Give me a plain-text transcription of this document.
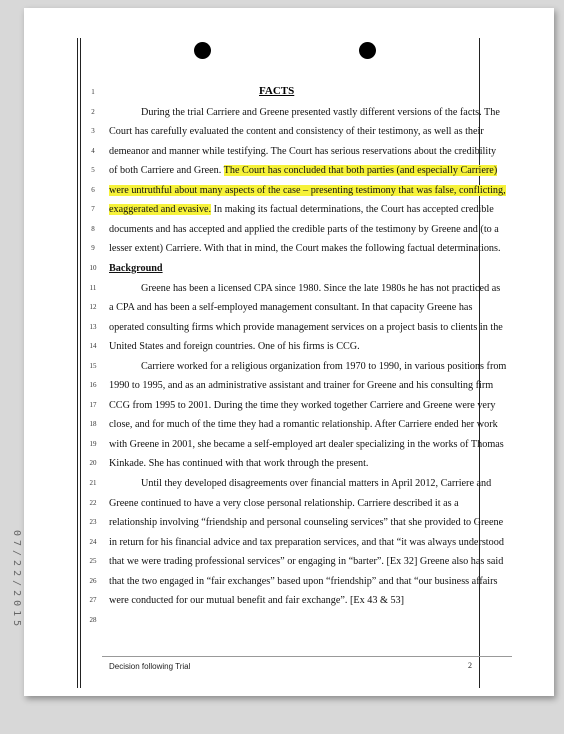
FACTS
1
2	During the trial Carriere and Greene presented vastly different versions of the facts. The
3	Court has carefully evaluated the content and consistency of their testimony, as well as their
4	demeanor and manner while testifying. The Court has serious reservations about the credibility
5	of both Carriere and Green. The Court has concluded that both parties (and especially Carriere)
6	were untruthful about many aspects of the case – presenting testimony that was false, conflicting,
7	exaggerated and evasive. In making its factual determinations, the Court has accepted credible
8	documents and has accepted and applied the credible parts of the testimony by Greene and (to a
9	lesser extent) Carriere. With that in mind, the Court makes the following factual determinations.
10 Background
11	Greene has been a licensed CPA since 1980. Since the late 1980s he has not practiced as
12 a CPA and has been a self-employed management consultant. In that capacity Greene has
13 operated consulting firms which provide management services on a project basis to clients in the
14 United States and foreign countries. One of his firms is CCG.
15	Carriere worked for a religious organization from 1970 to 1990, in various positions from
16 1990 to 1995, and as an administrative assistant and trainer for Greene and his consulting firm
17 CCG from 1995 to 2001. During the time they worked together Carriere and Greene were very
18 close, and for much of the time they had a romantic relationship. After Carriere ended her work
19 with Greene in 2001, she became a self-employed art dealer specializing in the works of Thomas
20 Kinkade. She has continued with that work through the present.
21	Until they developed disagreements over financial matters in April 2012, Carriere and
22 Greene continued to have a very close personal relationship. Carriere described it as a
23 relationship involving “friendship and personal counseling services” that she provided to Greene
24 in return for his financial advice and tax preparation services, and that “it was always understood
25 that we were trading professional services” or engaging in “barter”. [Ex 32] Greene also has said
26 that the two engaged in “fair exchanges” based upon “friendship” and that “our business affairs
27 were conducted for our mutual benefit and fair exchange”. [Ex 43 & 53]
28
07/22/2015
Decision following Trial	2
